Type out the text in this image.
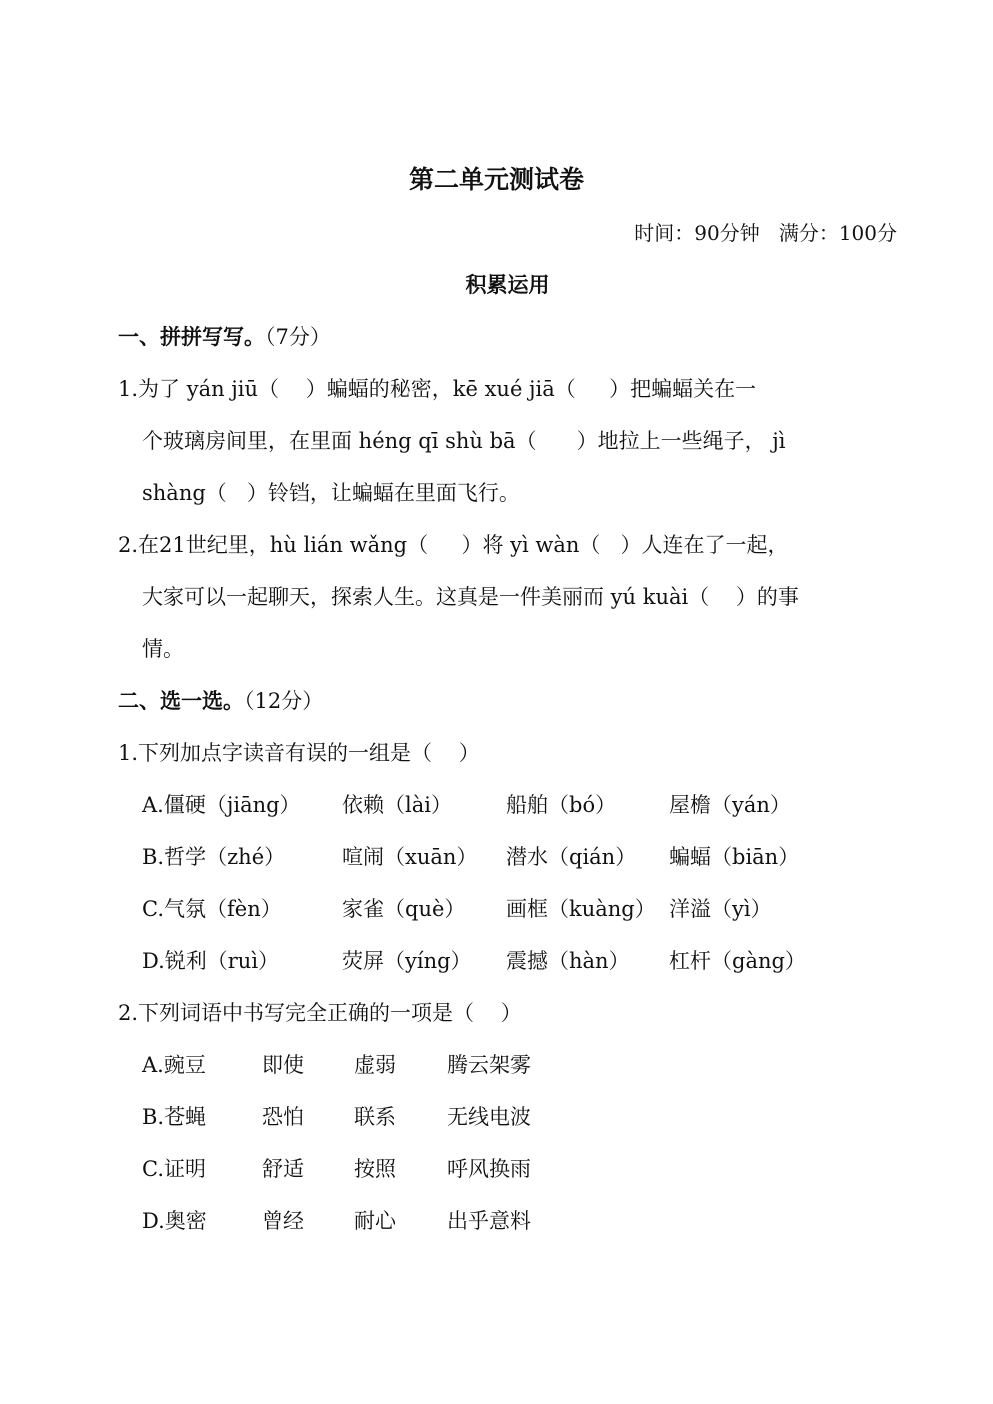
第二单元测试卷
时间：90分钟   满分：100分
积累运用
一、拼拼写写。（7分）
1.为了 yán jiū（    ）蝙蝠的秘密，kē xué jiā（     ）把蝙蝠关在一
个玻璃房间里，在里面 héng qī shù bā（      ）地拉上一些绳子， jì
shàng（   ）铃铛，让蝙蝠在里面飞行。
2.在21世纪里，hù lián wǎng（     ）将 yì wàn（   ）人连在了一起，
大家可以一起聊天，探索人生。这真是一件美丽而 yú kuài（    ）的事
情。
二、选一选。（12分）
1.下列加点字读音有误的一组是（    ）
A.僵硬（jiāng） 依赖（lài）	船舶（bó）	屋檐（yán）
B.哲学（zhé）	喧闹（xuān） 潜水（qián） 蝙蝠（biān）
C.气氛（fèn）	家雀（què） 画框（kuàng） 洋溢（yì）
D.锐利（ruì）	荧屏（yíng） 震撼（hàn） 杠杆（gàng）
2.下列词语中书写完全正确的一项是（    ）
A.豌豆	即使 虚弱 腾云架雾
B.苍蝇	恐怕 联系 无线电波
C.证明	舒适 按照 呼风换雨
D.奥密	曾经 耐心 出乎意料
